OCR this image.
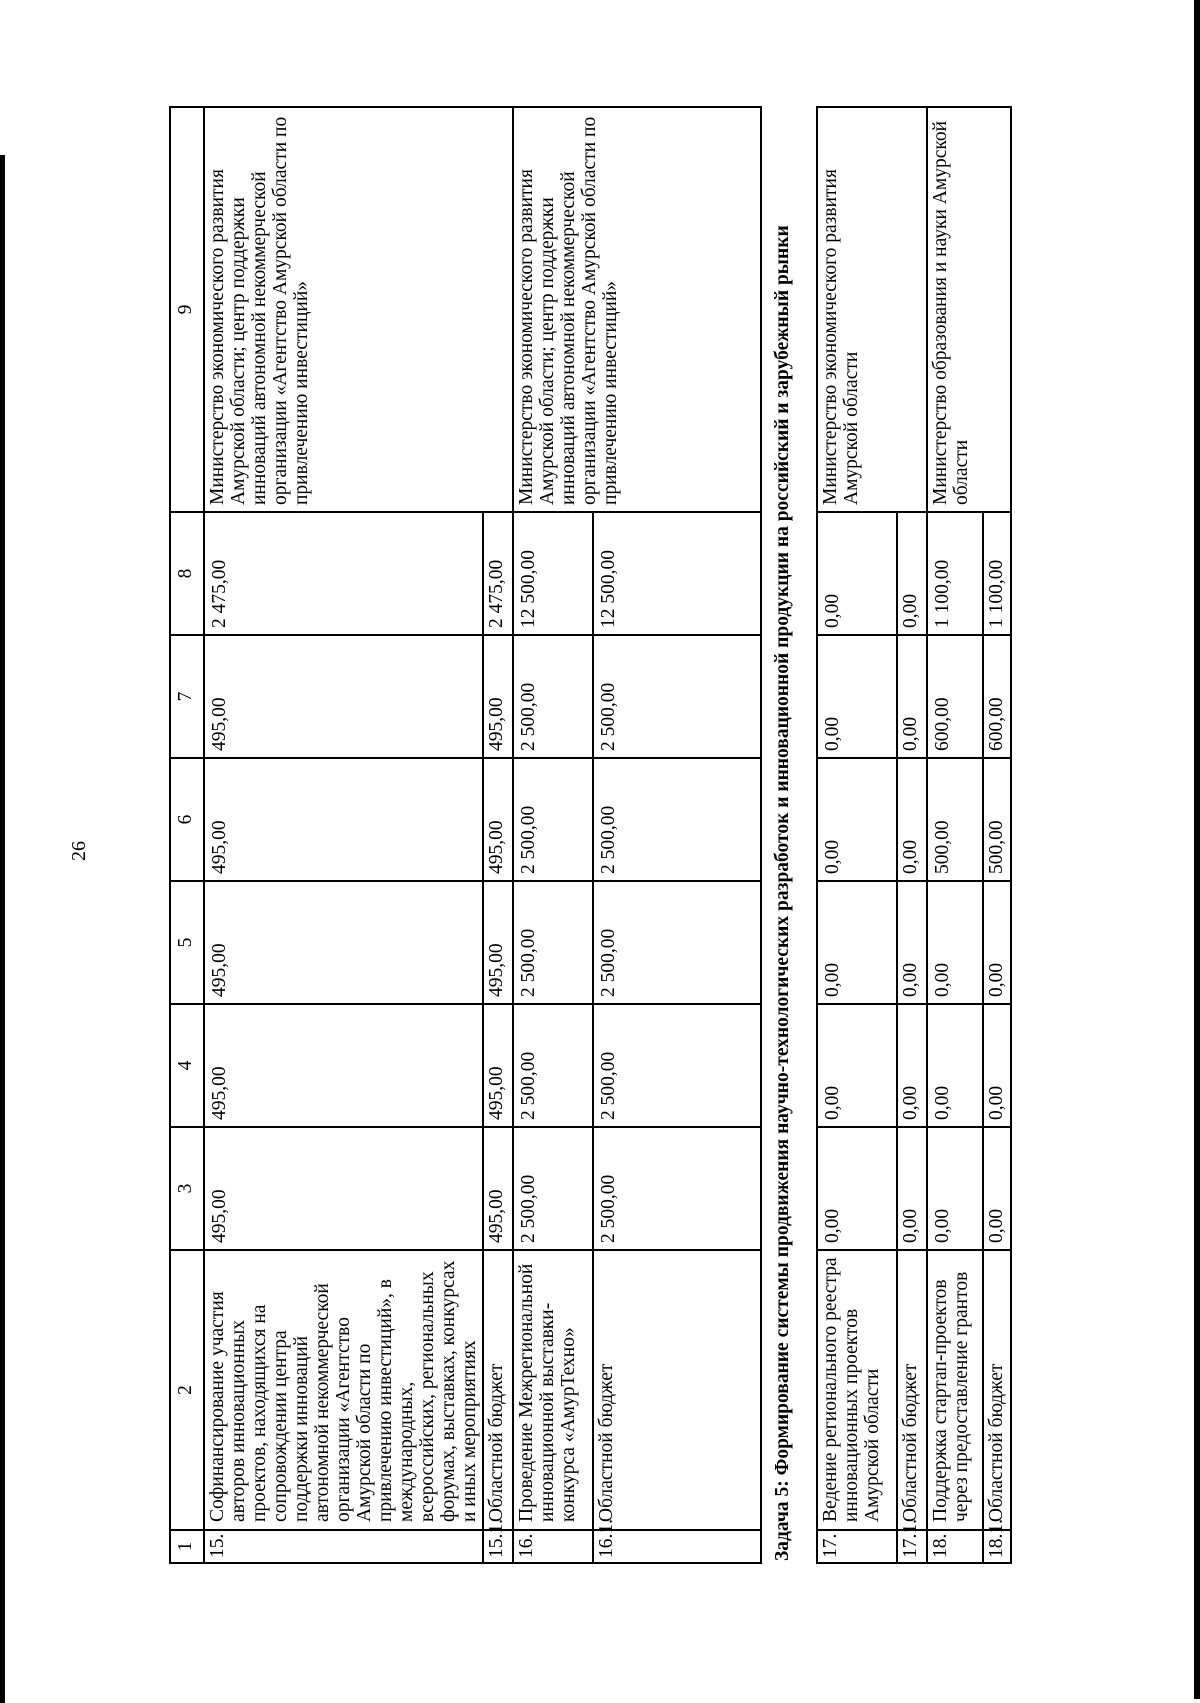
26
1	2	3	4	5	6	7	8	9
15.	Софинансирование участия авторов инновационных проектов, находящихся на сопровождении центра поддержки инноваций автономной некоммерческой организации «Агентство Амурской области по привлечению инвестиций», в международных, всероссийских, региональных форумах, выставках, конкурсах и иных мероприятиях	495,00	495,00	495,00	495,00	495,00	2 475,00	Министерство экономического развития Амурской области; центр поддержки инноваций автономной некоммерческой организации «Агентство Амурской области по привлечению инвестиций»
15.1.	Областной бюджет	495,00	495,00	495,00	495,00	495,00	2 475,00	
16.	Проведение Межрегиональной инновационной выставки-конкурса «АмурТехно»	2 500,00	2 500,00	2 500,00	2 500,00	2 500,00	12 500,00	Министерство экономического развития Амурской области; центр поддержки инноваций автономной некоммерческой организации «Агентство Амурской области по привлечению инвестиций»
16.1.	Областной бюджет	2 500,00	2 500,00	2 500,00	2 500,00	2 500,00	12 500,00	
Задача 5: Формирование системы продвижения научно-технологических разработок и инновационной продукции на российский и зарубежный рынки								
17.	Ведение регионального реестра инновационных проектов Амурской области	0,00	0,00	0,00	0,00	0,00	0,00	Министерство экономического развития Амурской области
17.1.	Областной бюджет	0,00	0,00	0,00	0,00	0,00	0,00	
18.	Поддержка стартап-проектов через предоставление грантов	0,00	0,00	0,00	500,00	600,00	1 100,00	Министерство образования и науки Амурской области
18.1.	Областной бюджет	0,00	0,00	0,00	500,00	600,00	1 100,00	
